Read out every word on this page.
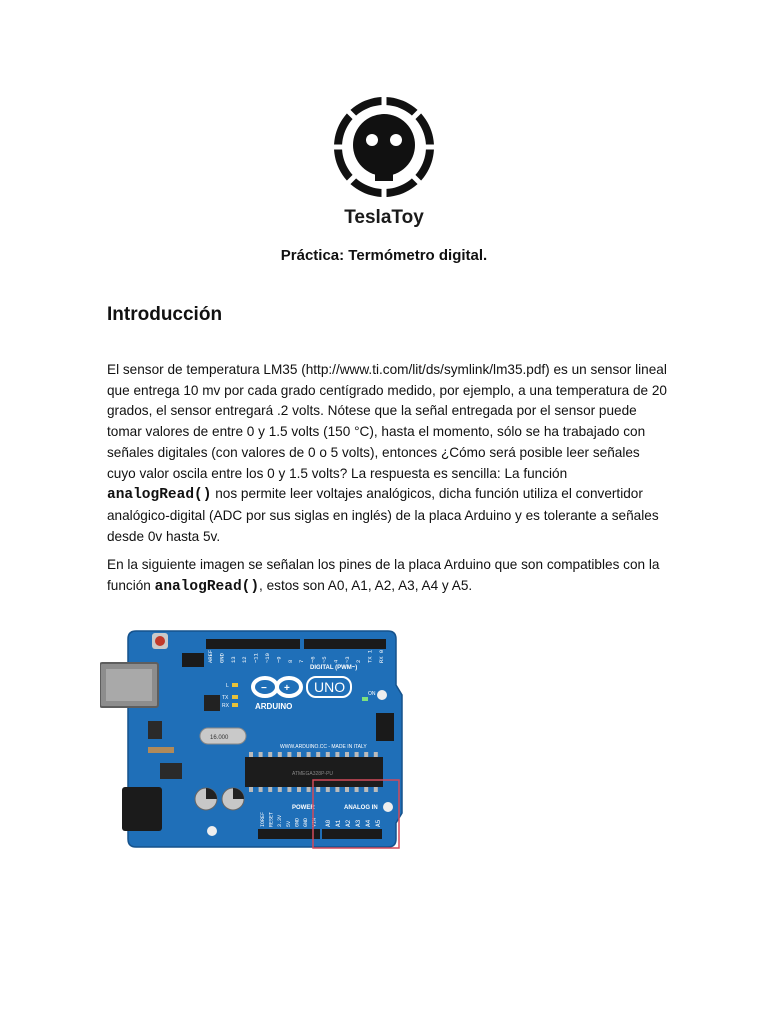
TeslaToy
Práctica: Termómetro digital.
Introducción
El sensor de temperatura LM35 (http://www.ti.com/lit/ds/symlink/lm35.pdf) es un sensor lineal que entrega 10 mv por cada grado centígrado medido, por ejemplo, a una temperatura de 20 grados, el sensor entregará .2 volts. Nótese que la señal entregada por el sensor puede tomar valores de entre 0 y 1.5 volts (150 °C), hasta el momento, sólo se ha trabajado con señales digitales (con valores de 0 o 5 volts), entonces ¿Cómo será posible leer señales cuyo valor oscila entre los 0 y 1.5 volts? La respuesta es sencilla: La función analogRead() nos permite leer voltajes analógicos, dicha función utiliza el convertidor analógico-digital (ADC por sus siglas en inglés) de la placa Arduino y es tolerante a señales desde 0v hasta 5v.
En la siguiente imagen se señalan los pines de la placa Arduino que son compatibles con la función analogRead(), estos son A0, A1, A2, A3, A4 y A5.
AREF GND 13 12 ~11 ~10 ~9 8 7 ~6 ~5 4 ~3 2 TX 1 RX 0
DIGITAL (PWM~)
− +
ARDUINO
UNO
L
TX
RX
ON
16.000
ATMEGA328P-PU
WWW.ARDUINO.CC - MADE IN ITALY
POWER	ANALOG IN
IOREF RESET 3.3V 5V GND GND VIN A0 A1 A2 A3 A4 A5
